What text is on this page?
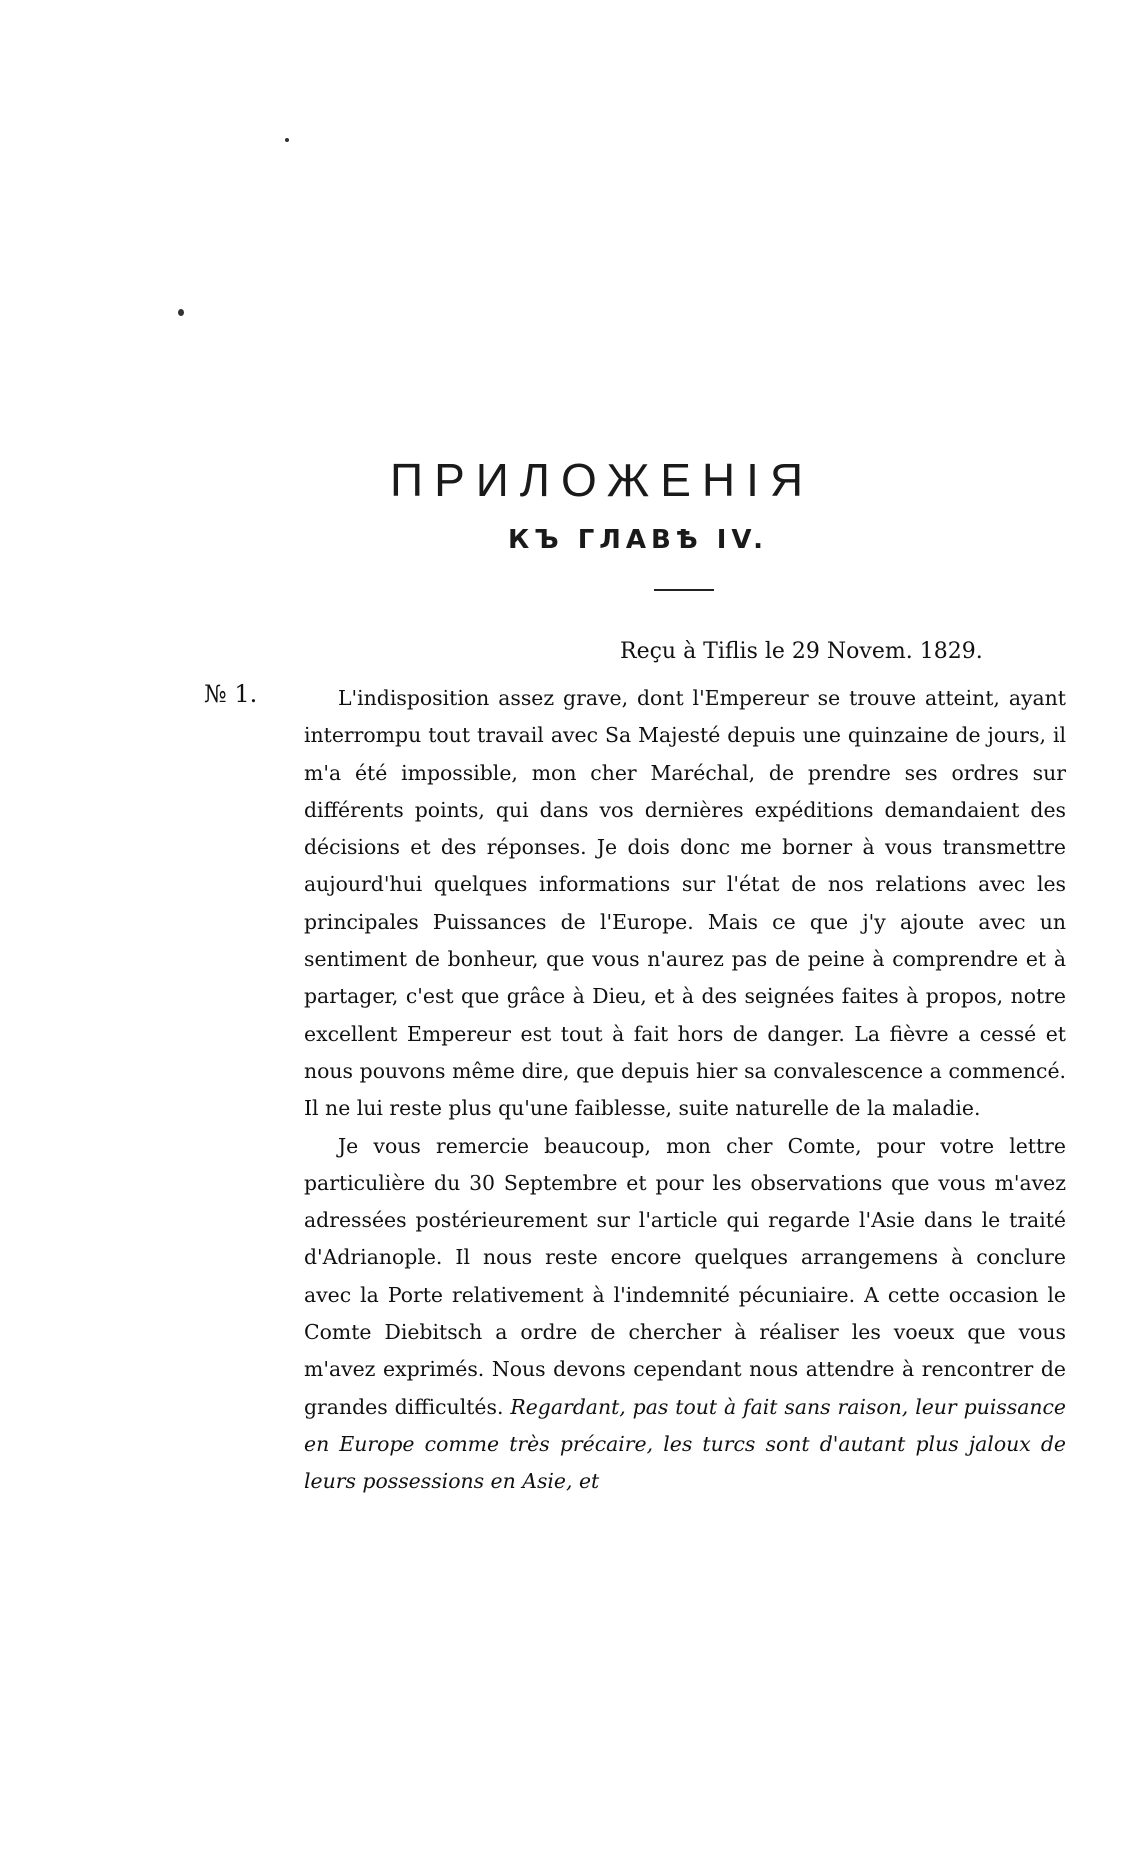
ПРИЛОЖЕНІЯ
КЪ ГЛАВѢ IV.
Reçu à Tiflis le 29 Novem. 1829.
№ 1.	L'indisposition assez grave, dont l'Empereur se trouve atteint, ayant interrompu tout travail avec Sa Majesté depuis une quinzaine de jours, il m'a été impossible, mon cher Maréchal, de prendre ses ordres sur différents points, qui dans vos dernières expéditions demandaient des décisions et des réponses. Je dois donc me borner à vous transmettre aujourd'hui quelques informations sur l'état de nos relations avec les principales Puissances de l'Europe. Mais ce que j'y ajoute avec un sentiment de bonheur, que vous n'aurez pas de peine à comprendre et à partager, c'est que grâce à Dieu, et à des seignées faites à propos, notre excellent Empereur est tout à fait hors de danger. La fièvre a cessé et nous pouvons même dire, que depuis hier sa convalescence a commencé. Il ne lui reste plus qu'une faiblesse, suite naturelle de la maladie.

Je vous remercie beaucoup, mon cher Comte, pour votre lettre particulière du 30 Septembre et pour les observations que vous m'avez adressées postérieurement sur l'article qui regarde l'Asie dans le traité d'Adrianople. Il nous reste encore quelques arrangemens à conclure avec la Porte relativement à l'indemnité pécuniaire. A cette occasion le Comte Diebitsch a ordre de chercher à réaliser les voeux que vous m'avez exprimés. Nous devons cependant nous attendre à rencontrer de grandes difficultés. Regardant, pas tout à fait sans raison, leur puissance en Europe comme très précaire, les turcs sont d'autant plus jaloux de leurs possessions en Asie, et
